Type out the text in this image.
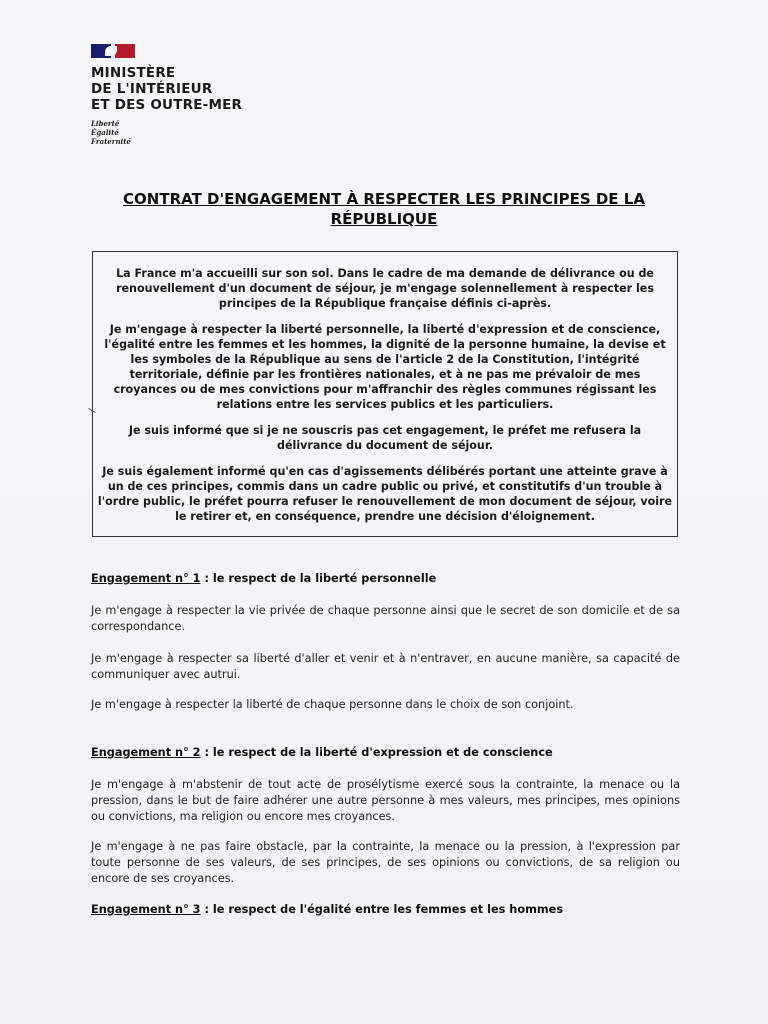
MINISTÈRE
DE L'INTÉRIEUR
ET DES OUTRE-MER
Liberté
Égalité
Fraternité
CONTRAT D'ENGAGEMENT À RESPECTER LES PRINCIPES DE LA RÉPUBLIQUE

La France m'a accueilli sur son sol. Dans le cadre de ma demande de délivrance ou de renouvellement d'un document de séjour, je m'engage solennellement à respecter les principes de la République française définis ci-après.

Je m'engage à respecter la liberté personnelle, la liberté d'expression et de conscience, l'égalité entre les femmes et les hommes, la dignité de la personne humaine, la devise et les symboles de la République au sens de l'article 2 de la Constitution, l'intégrité territoriale, définie par les frontières nationales, et à ne pas me prévaloir de mes croyances ou de mes convictions pour m'affranchir des règles communes régissant les relations entre les services publics et les particuliers.

Je suis informé que si je ne souscris pas cet engagement, le préfet me refusera la délivrance du document de séjour.

Je suis également informé qu'en cas d'agissements délibérés portant une atteinte grave à un de ces principes, commis dans un cadre public ou privé, et constitutifs d'un trouble à l'ordre public, le préfet pourra refuser le renouvellement de mon document de séjour, voire le retirer et, en conséquence, prendre une décision d'éloignement.

Engagement n° 1 : le respect de la liberté personnelle
Je m'engage à respecter la vie privée de chaque personne ainsi que le secret de son domicile et de sa correspondance.
Je m'engage à respecter sa liberté d'aller et venir et à n'entraver, en aucune manière, sa capacité de communiquer avec autrui.
Je m'engage à respecter la liberté de chaque personne dans le choix de son conjoint.
Engagement n° 2 : le respect de la liberté d'expression et de conscience
Je m'engage à m'abstenir de tout acte de prosélytisme exercé sous la contrainte, la menace ou la pression, dans le but de faire adhérer une autre personne à mes valeurs, mes principes, mes opinions ou convictions, ma religion ou encore mes croyances.
Je m'engage à ne pas faire obstacle, par la contrainte, la menace ou la pression, à l'expression par toute personne de ses valeurs, de ses principes, de ses opinions ou convictions, de sa religion ou encore de ses croyances.
Engagement n° 3 : le respect de l'égalité entre les femmes et les hommes
